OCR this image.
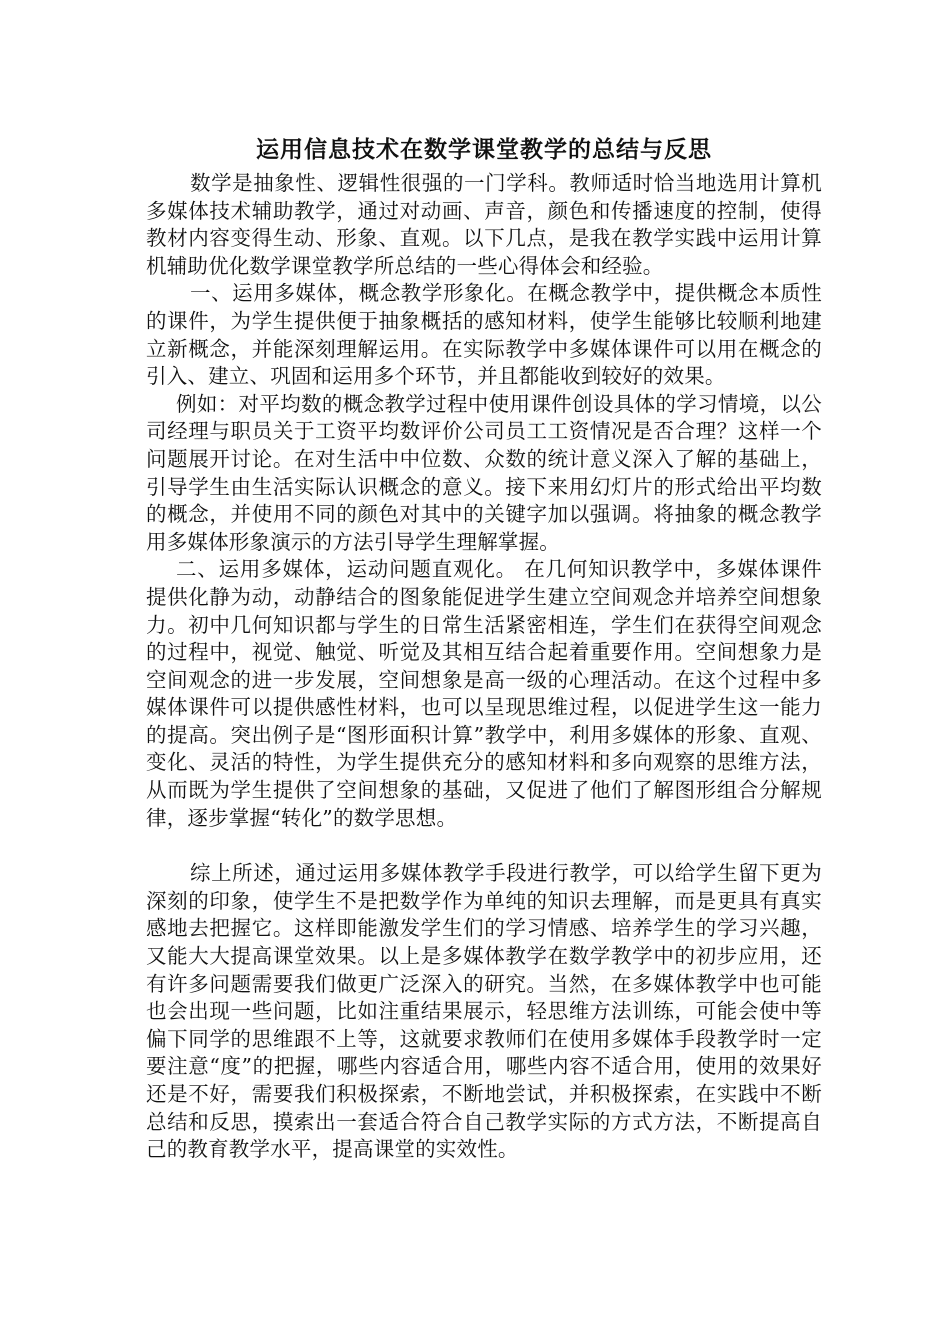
运用信息技术在数学课堂教学的总结与反思

数学是抽象性、逻辑性很强的一门学科。教师适时恰当地选用计算机多媒体技术辅助教学，通过对动画、声音，颜色和传播速度的控制，使得教材内容变得生动、形象、直观。以下几点，是我在教学实践中运用计算机辅助优化数学课堂教学所总结的一些心得体会和经验。

一、运用多媒体，概念教学形象化。在概念教学中，提供概念本质性的课件，为学生提供便于抽象概括的感知材料，使学生能够比较顺利地建立新概念，并能深刻理解运用。在实际教学中多媒体课件可以用在概念的引入、建立、巩固和运用多个环节，并且都能收到较好的效果。

例如：对平均数的概念教学过程中使用课件创设具体的学习情境，以公司经理与职员关于工资平均数评价公司员工工资情况是否合理？这样一个问题展开讨论。在对生活中中位数、众数的统计意义深入了解的基础上，引导学生由生活实际认识概念的意义。接下来用幻灯片的形式给出平均数的概念，并使用不同的颜色对其中的关键字加以强调。将抽象的概念教学用多媒体形象演示的方法引导学生理解掌握。

二、运用多媒体，运动问题直观化。 在几何知识教学中，多媒体课件提供化静为动，动静结合的图象能促进学生建立空间观念并培养空间想象力。初中几何知识都与学生的日常生活紧密相连，学生们在获得空间观念的过程中，视觉、触觉、听觉及其相互结合起着重要作用。空间想象力是空间观念的进一步发展，空间想象是高一级的心理活动。在这个过程中多媒体课件可以提供感性材料，也可以呈现思维过程，以促进学生这一能力的提高。突出例子是“图形面积计算”教学中，利用多媒体的形象、直观、变化、灵活的特性，为学生提供充分的感知材料和多向观察的思维方法，从而既为学生提供了空间想象的基础，又促进了他们了解图形组合分解规律，逐步掌握“转化”的数学思想。

综上所述，通过运用多媒体教学手段进行教学，可以给学生留下更为深刻的印象，使学生不是把数学作为单纯的知识去理解，而是更具有真实感地去把握它。这样即能激发学生们的学习情感、培养学生的学习兴趣，又能大大提高课堂效果。以上是多媒体教学在数学教学中的初步应用，还有许多问题需要我们做更广泛深入的研究。当然，在多媒体教学中也可能也会出现一些问题，比如注重结果展示，轻思维方法训练，可能会使中等偏下同学的思维跟不上等，这就要求教师们在使用多媒体手段教学时一定要注意“度”的把握，哪些内容适合用，哪些内容不适合用，使用的效果好还是不好，需要我们积极探索，不断地尝试，并积极探索，在实践中不断总结和反思，摸索出一套适合符合自己教学实际的方式方法，不断提高自己的教育教学水平，提高课堂的实效性。
